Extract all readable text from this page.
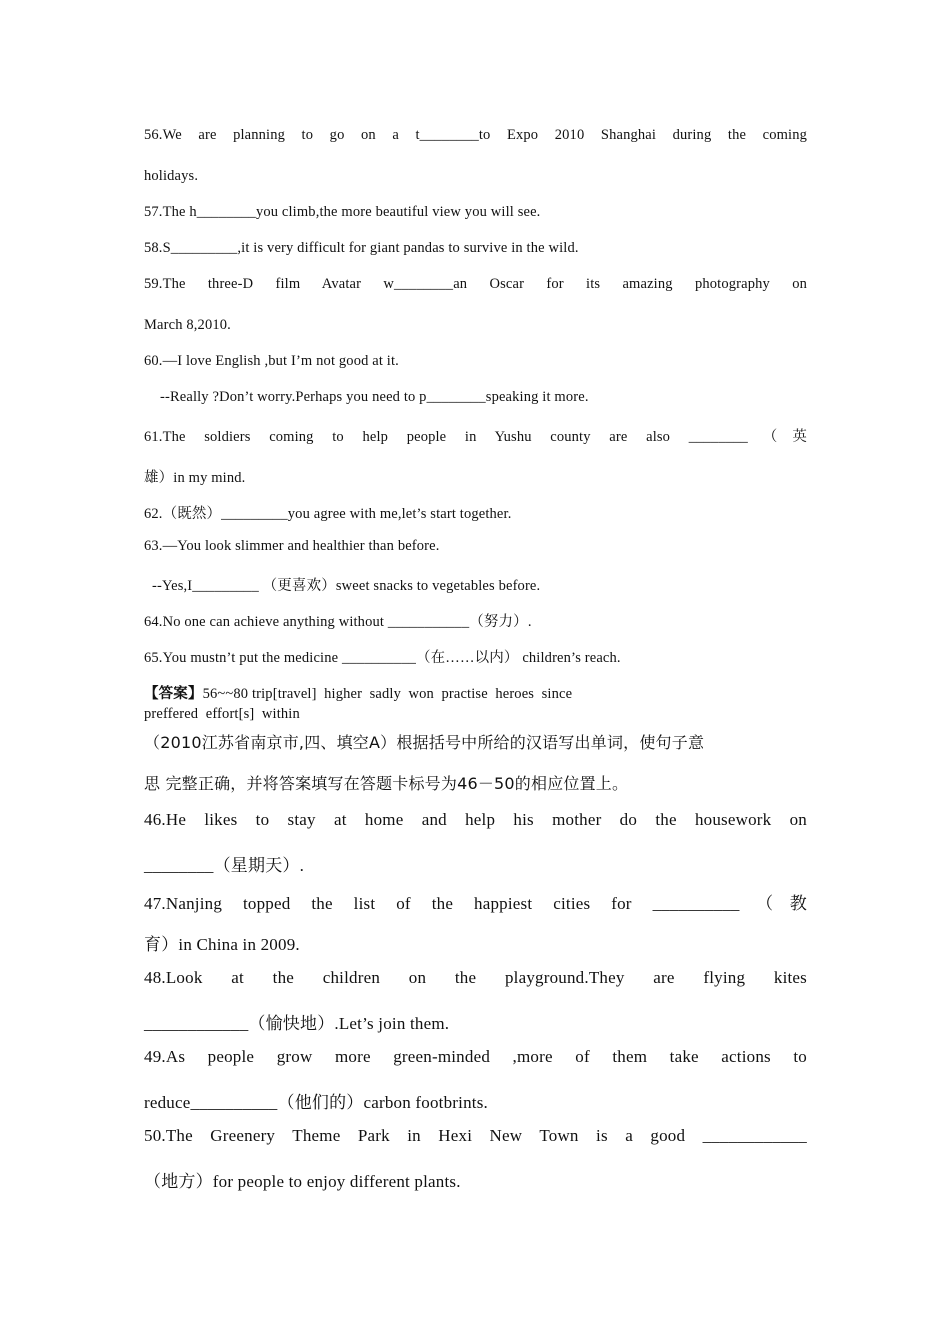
56.We are planning to go on a t________to Expo 2010 Shanghai during the coming
holidays.
57.The h________you climb,the more beautiful view you will see.
58.S_________,it is very difficult for giant pandas to survive in the wild.
59.The three-D film Avatar w________an Oscar for its amazing photography on
March 8,2010.
60.—I love English ,but I’m not good at it.
--Really ?Don’t worry.Perhaps you need to p________speaking it more.
61.The soldiers coming to help people in Yushu county are also ________（英
雄）in my mind.
62.（既然）_________you agree with me,let’s start together.
63.—You look slimmer and healthier than before.
--Yes,I_________ （更喜欢）sweet snacks to vegetables before.
64.No one can achieve anything without ___________（努力）.
65.You mustn’t put the medicine __________（在……以内） children’s reach.
【答案】56~~80 trip[travel]  higher  sadly  won  practise  heroes  since
preffered  effort[s]  within
（2010江苏省南京市,四、填空A）根据括号中所给的汉语写出单词，使句子意
思 完整正确，并将答案填写在答题卡标号为46－50的相应位置上。
46.He likes to stay at home and help his mother do the housework on
________（星期天）.
47.Nanjing topped the list of the happiest cities for __________（教
育）in China in 2009.
48.Look at the children on the playground.They are flying kites
____________（愉快地）.Let’s join them.
49.As people grow more green-minded ,more of them take actions to
reduce__________（他们的）carbon footbrints.
50.The Greenery Theme Park in Hexi New Town is a good ____________
（地方）for people to enjoy different plants.
